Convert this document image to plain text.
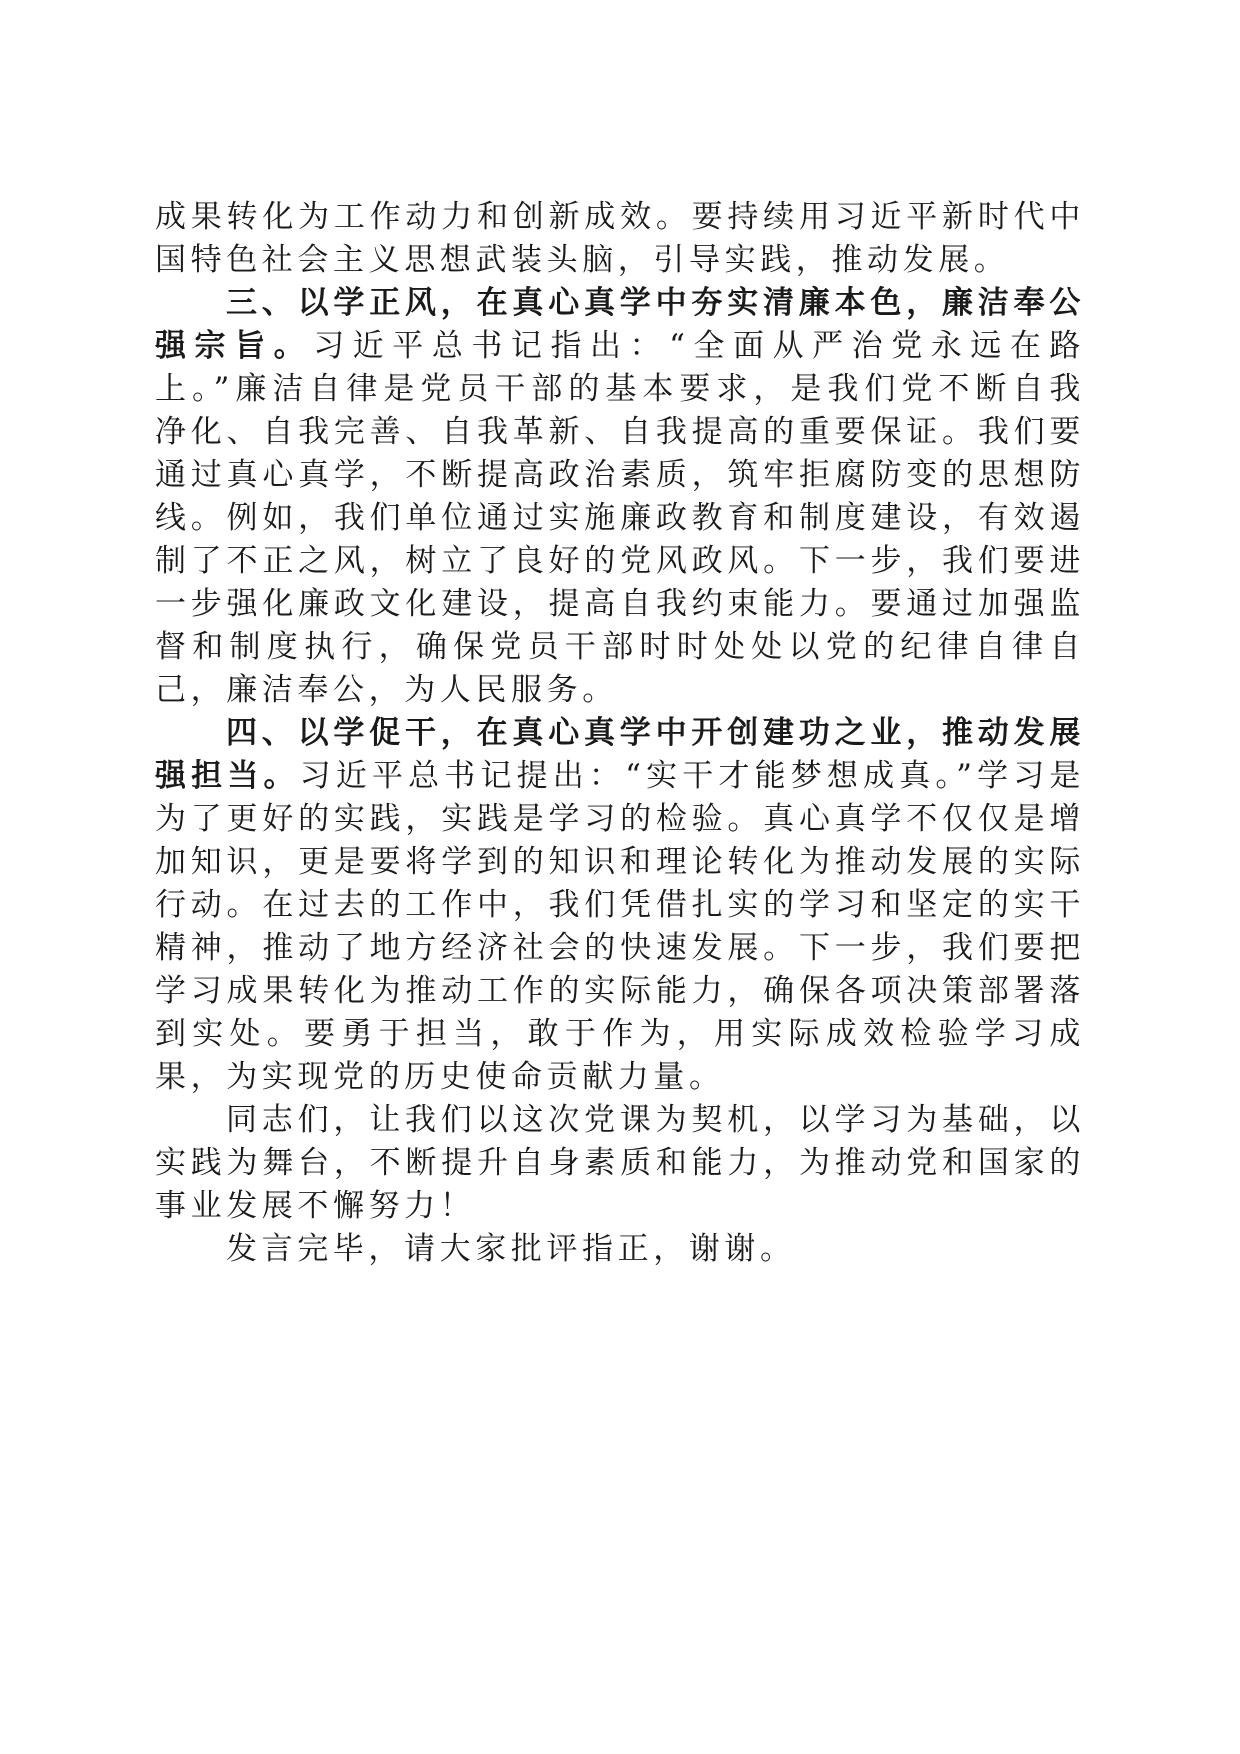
成果转化为工作动力和创新成效。要持续用习近平新时代中国特色社会主义思想武装头脑，引导实践，推动发展。

三、以学正风，在真心真学中夯实清廉本色，廉洁奉公强宗旨。习近平总书记指出：“全面从严治党永远在路上。”廉洁自律是党员干部的基本要求，是我们党不断自我净化、自我完善、自我革新、自我提高的重要保证。我们要通过真心真学，不断提高政治素质，筑牢拒腐防变的思想防线。例如，我们单位通过实施廉政教育和制度建设，有效遏制了不正之风，树立了良好的党风政风。下一步，我们要进一步强化廉政文化建设，提高自我约束能力。要通过加强监督和制度执行，确保党员干部时时处处以党的纪律自律自己，廉洁奉公，为人民服务。

四、以学促干，在真心真学中开创建功之业，推动发展强担当。习近平总书记提出：“实干才能梦想成真。”学习是为了更好的实践，实践是学习的检验。真心真学不仅仅是增加知识，更是要将学到的知识和理论转化为推动发展的实际行动。在过去的工作中，我们凭借扎实的学习和坚定的实干精神，推动了地方经济社会的快速发展。下一步，我们要把学习成果转化为推动工作的实际能力，确保各项决策部署落到实处。要勇于担当，敢于作为，用实际成效检验学习成果，为实现党的历史使命贡献力量。

同志们，让我们以这次党课为契机，以学习为基础，以实践为舞台，不断提升自身素质和能力，为推动党和国家的事业发展不懈努力！

发言完毕，请大家批评指正，谢谢。
